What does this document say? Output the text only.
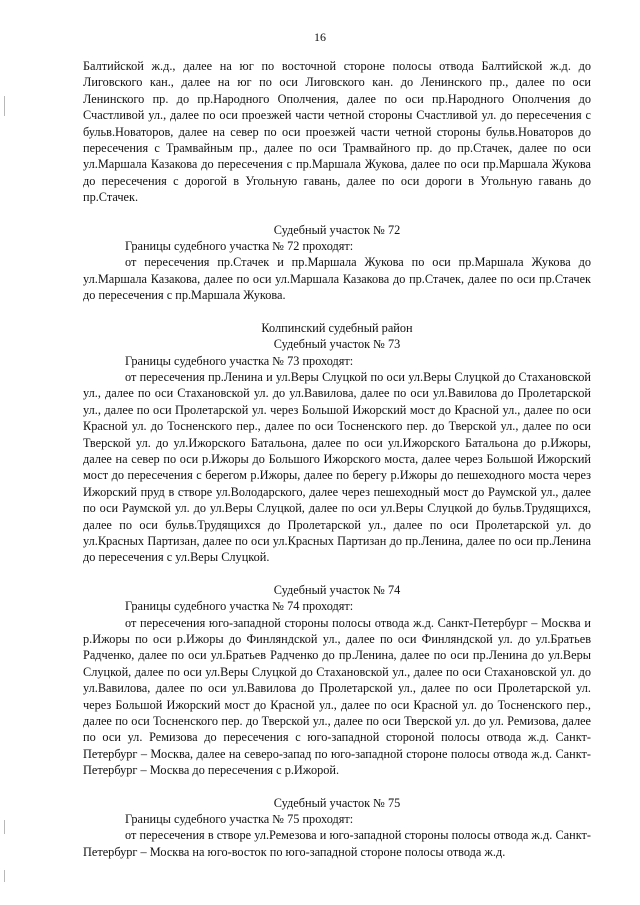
16

Балтийской ж.д., далее на юг по восточной стороне полосы отвода Балтийской ж.д. до Лиговского кан., далее на юг по оси Лиговского кан. до Ленинского пр., далее по оси Ленинского пр. до пр.Народного Ополчения, далее по оси пр.Народного Ополчения до Счастливой ул., далее по оси проезжей части четной стороны Счастливой ул. до пересечения с бульв.Новаторов, далее на север по оси проезжей части четной стороны бульв.Новаторов до пересечения с Трамвайным пр., далее по оси Трамвайного пр. до пр.Стачек, далее по оси ул.Маршала Казакова до пересечения с пр.Маршала Жукова, далее по оси пр.Маршала Жукова до пересечения с дорогой в Угольную гавань, далее по оси дороги в Угольную гавань до пр.Стачек.

Судебный участок № 72

Границы судебного участка № 72 проходят:

от пересечения пр.Стачек и пр.Маршала Жукова по оси пр.Маршала Жукова до ул.Маршала Казакова, далее по оси ул.Маршала Казакова до пр.Стачек, далее по оси пр.Стачек до пересечения с пр.Маршала Жукова.

Колпинский судебный район

Судебный участок № 73

Границы судебного участка № 73 проходят:

от пересечения пр.Ленина и ул.Веры Слуцкой по оси ул.Веры Слуцкой до Стахановской ул., далее по оси Стахановской ул. до ул.Вавилова, далее по оси ул.Вавилова до Пролетарской ул., далее по оси Пролетарской ул. через Большой Ижорский мост до Красной ул., далее по оси Красной ул. до Тосненского пер., далее по оси Тосненского пер. до Тверской ул., далее по оси Тверской ул. до ул.Ижорского Батальона, далее по оси ул.Ижорского Батальона до р.Ижоры, далее на север по оси р.Ижоры до Большого Ижорского моста, далее через Большой Ижорский мост до пересечения с берегом р.Ижоры, далее по берегу р.Ижоры до пешеходного моста через Ижорский пруд в створе ул.Володарского, далее через пешеходный мост до Раумской ул., далее по оси Раумской ул. до ул.Веры Слуцкой, далее по оси ул.Веры Слуцкой до бульв.Трудящихся, далее по оси бульв.Трудящихся до Пролетарской ул., далее по оси Пролетарской ул. до ул.Красных Партизан, далее по оси ул.Красных Партизан до пр.Ленина, далее по оси пр.Ленина до пересечения с ул.Веры Слуцкой.

Судебный участок № 74

Границы судебного участка № 74 проходят:

от пересечения юго-западной стороны полосы отвода ж.д. Санкт-Петербург – Москва и р.Ижоры по оси р.Ижоры до Финляндской ул., далее по оси Финляндской ул. до ул.Братьев Радченко, далее по оси ул.Братьев Радченко до пр.Ленина, далее по оси пр.Ленина до ул.Веры Слуцкой, далее по оси ул.Веры Слуцкой до Стахановской ул., далее по оси Стахановской ул. до ул.Вавилова, далее по оси ул.Вавилова до Пролетарской ул., далее по оси Пролетарской ул. через Большой Ижорский мост до Красной ул., далее по оси Красной ул. до Тосненского пер., далее по оси Тосненского пер. до Тверской ул., далее по оси Тверской ул. до ул. Ремизова, далее по оси ул. Ремизова до пересечения с юго-западной стороной полосы отвода ж.д. Санкт-Петербург – Москва, далее на северо-запад по юго-западной стороне полосы отвода ж.д. Санкт-Петербург – Москва до пересечения с р.Ижорой.

Судебный участок № 75

Границы судебного участка № 75 проходят:

от пересечения в створе ул.Ремезова и юго-западной стороны полосы отвода ж.д. Санкт-Петербург – Москва на юго-восток по юго-западной стороне полосы отвода ж.д.
